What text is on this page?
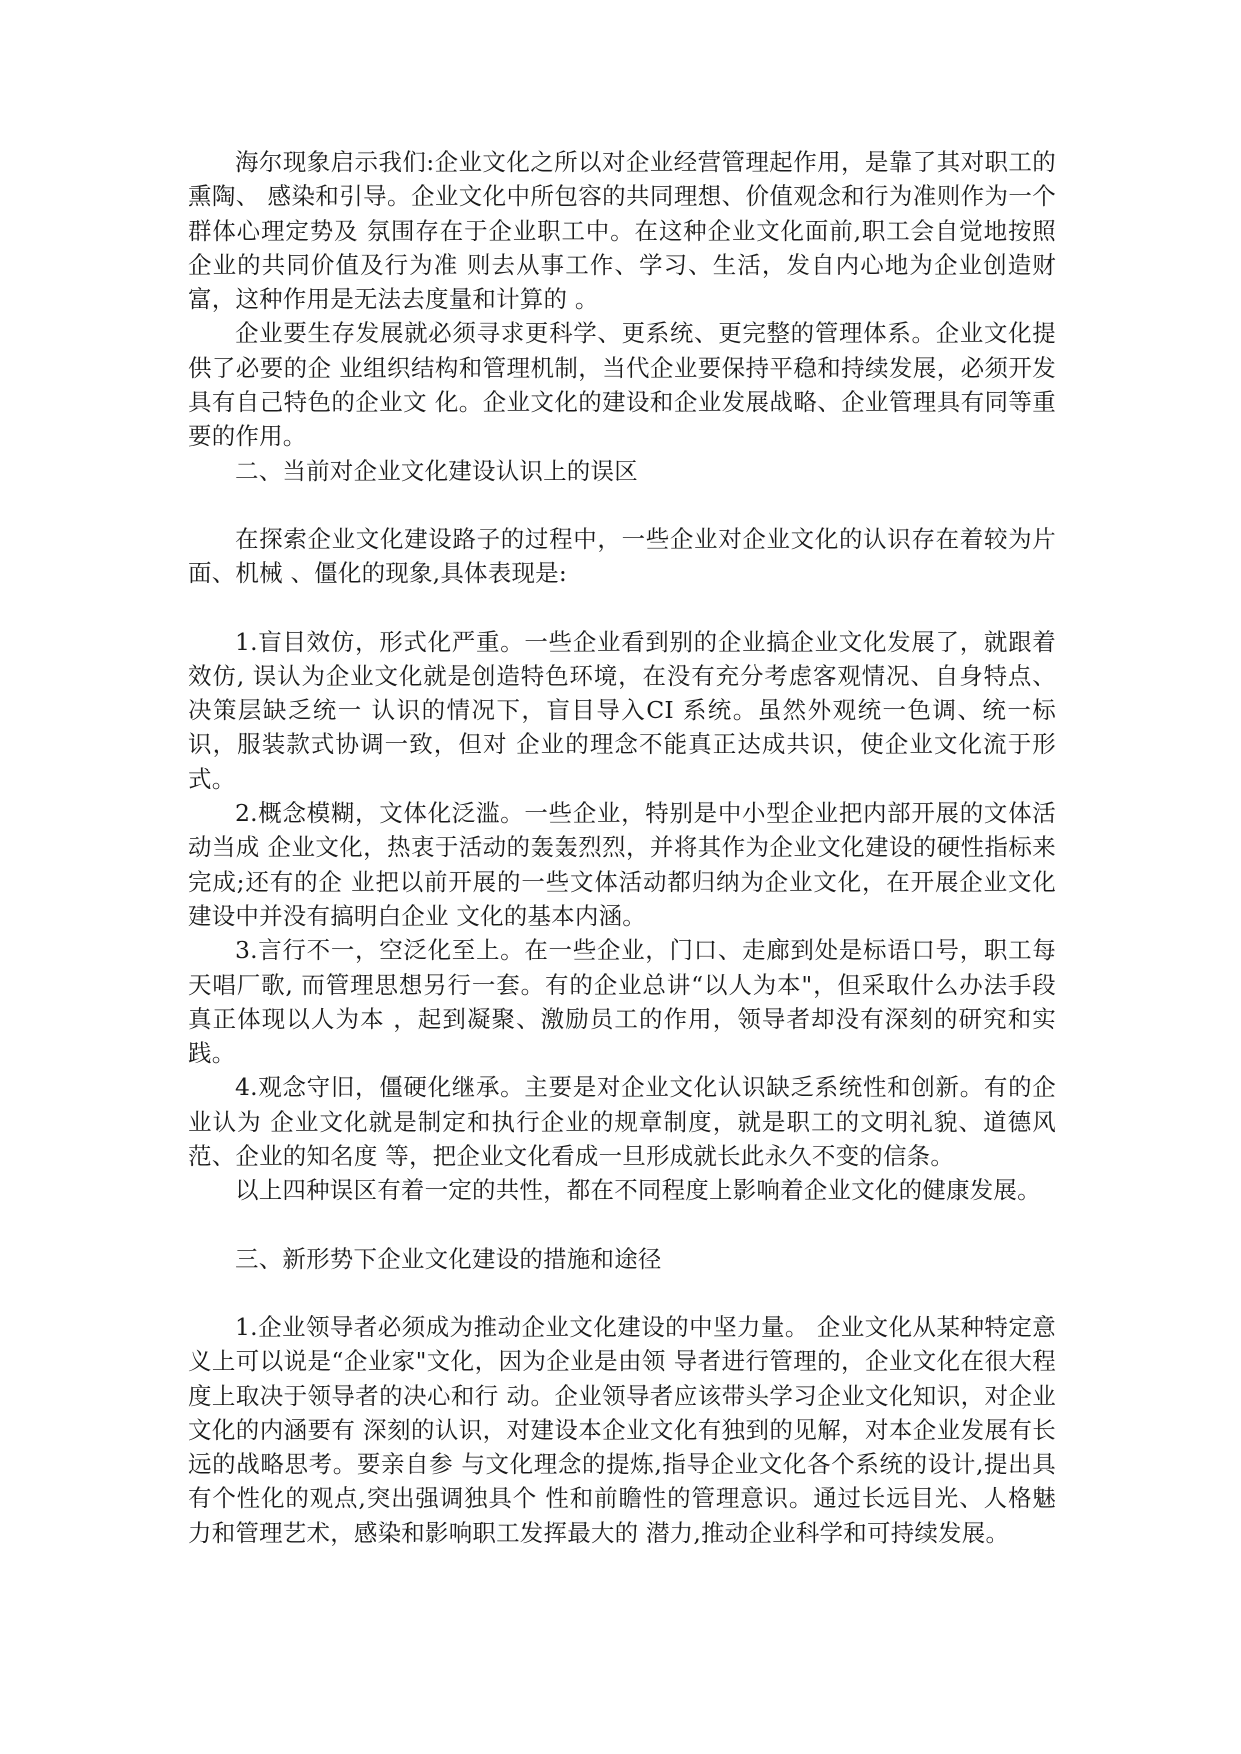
海尔现象启示我们:企业文化之所以对企业经营管理起作用，是靠了其对职工的熏陶、 感染和引导。企业文化中所包容的共同理想、价值观念和行为准则作为一个群体心理定势及 氛围存在于企业职工中。在这种企业文化面前,职工会自觉地按照企业的共同价值及行为准 则去从事工作、学习、生活，发自内心地为企业创造财富，这种作用是无法去度量和计算的 。

企业要生存发展就必须寻求更科学、更系统、更完整的管理体系。企业文化提供了必要的企 业组织结构和管理机制，当代企业要保持平稳和持续发展，必须开发具有自己特色的企业文 化。企业文化的建设和企业发展战略、企业管理具有同等重要的作用。

二、当前对企业文化建设认识上的误区

在探索企业文化建设路子的过程中，一些企业对企业文化的认识存在着较为片面、机械 、僵化的现象,具体表现是:

1.盲目效仿，形式化严重。一些企业看到别的企业搞企业文化发展了，就跟着效仿, 误认为企业文化就是创造特色环境，在没有充分考虑客观情况、自身特点、决策层缺乏统一 认识的情况下，盲目导入CI 系统。虽然外观统一色调、统一标识，服装款式协调一致，但对 企业的理念不能真正达成共识，使企业文化流于形式。

2.概念模糊，文体化泛滥。一些企业，特别是中小型企业把内部开展的文体活动当成 企业文化，热衷于活动的轰轰烈烈，并将其作为企业文化建设的硬性指标来完成;还有的企 业把以前开展的一些文体活动都归纳为企业文化，在开展企业文化建设中并没有搞明白企业 文化的基本内涵。

3.言行不一，空泛化至上。在一些企业，门口、走廊到处是标语口号，职工每天唱厂歌, 而管理思想另行一套。有的企业总讲“以人为本"，但采取什么办法手段真正体现以人为本 ，起到凝聚、激励员工的作用，领导者却没有深刻的研究和实践。

4.观念守旧，僵硬化继承。主要是对企业文化认识缺乏系统性和创新。有的企业认为 企业文化就是制定和执行企业的规章制度，就是职工的文明礼貌、道德风范、企业的知名度 等，把企业文化看成一旦形成就长此永久不变的信条。

以上四种误区有着一定的共性，都在不同程度上影响着企业文化的健康发展。

三、新形势下企业文化建设的措施和途径

1.企业领导者必须成为推动企业文化建设的中坚力量。 企业文化从某种特定意义上可以说是“企业家"文化，因为企业是由领 导者进行管理的，企业文化在很大程度上取决于领导者的决心和行 动。企业领导者应该带头学习企业文化知识，对企业文化的内涵要有 深刻的认识，对建设本企业文化有独到的见解，对本企业发展有长远的战略思考。要亲自参 与文化理念的提炼,指导企业文化各个系统的设计,提出具有个性化的观点,突出强调独具个 性和前瞻性的管理意识。通过长远目光、人格魅力和管理艺术，感染和影响职工发挥最大的 潜力,推动企业科学和可持续发展。
